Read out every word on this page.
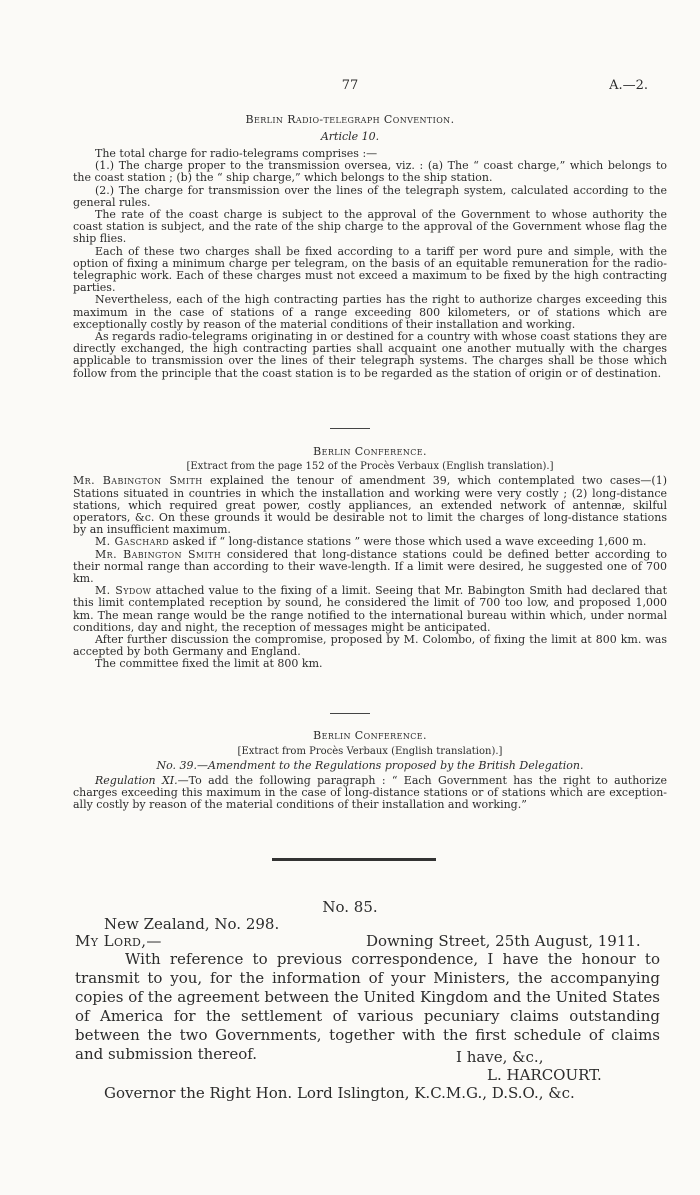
77	A.—2.
Berlin Radio-telegraph Convention.
Article 10.

The total charge for radio-telegrams comprises :—

(1.) The charge proper to the transmission oversea, viz. : (a) The “ coast charge,” which belongs to the coast station ; (b) the “ ship charge,” which belongs to the ship station.

(2.) The charge for transmission over the lines of the telegraph system, calculated according to the general rules.

The rate of the coast charge is subject to the approval of the Government to whose authority the coast station is subject, and the rate of the ship charge to the approval of the Government whose flag the ship flies.

Each of these two charges shall be fixed according to a tariff per word pure and simple, with the option of fixing a minimum charge per telegram, on the basis of an equitable remuneration for the radio-telegraphic work. Each of these charges must not exceed a maximum to be fixed by the high contracting parties.

Nevertheless, each of the high contracting parties has the right to authorize charges exceeding this maximum in the case of stations of a range exceeding 800 kilometers, or of stations which are exceptionally costly by reason of the material conditions of their installation and working.

As regards radio-telegrams originating in or destined for a country with whose coast stations they are directly exchanged, the high contracting parties shall acquaint one another mutually with the charges applicable to transmission over the lines of their telegraph systems. The charges shall be those which follow from the principle that the coast station is to be regarded as the station of origin or of destination.

Berlin Conference.
[Extract from the page 152 of the Procès Verbaux (English translation).]

Mr. Babington Smith explained the tenour of amendment 39, which contemplated two cases—(1) Stations situated in countries in which the installation and working were very costly ; (2) long-distance stations, which required great power, costly appliances, an extended network of antennæ, skilful operators, &c. On these grounds it would be desirable not to limit the charges of long-distance stations by an insufficient maximum.

M. Gaschard asked if “ long-distance stations ” were those which used a wave exceeding 1,600 m.

Mr. Babington Smith considered that long-distance stations could be defined better according to their normal range than according to their wave-length. If a limit were desired, he suggested one of 700 km.

M. Sydow attached value to the fixing of a limit. Seeing that Mr. Babington Smith had declared that this limit contemplated reception by sound, he considered the limit of 700 too low, and proposed 1,000 km. The mean range would be the range notified to the international bureau within which, under normal conditions, day and night, the reception of messages might be anticipated.

After further discussion the compromise, proposed by M. Colombo, of fixing the limit at 800 km. was accepted by both Germany and England.

The committee fixed the limit at 800 km.

Berlin Conference.
[Extract from Procès Verbaux (English translation).]
No. 39.—Amendment to the Regulations proposed by the British Delegation.

Regulation XI.—To add the following paragraph : “ Each Government has the right to authorize charges exceeding this maximum in the case of long-distance stations or of stations which are exception-ally costly by reason of the material conditions of their installation and working.”

No. 85.
New Zealand, No. 298.
My Lord,—	Downing Street, 25th August, 1911.

With reference to previous correspondence, I have the honour to transmit to you, for the information of your Ministers, the accompanying copies of the agreement between the United Kingdom and the United States of America for the settlement of various pecuniary claims outstanding between the two Governments, together with the first schedule of claims and submission thereof.	I have, &c.,
L. HARCOURT.
Governor the Right Hon. Lord Islington, K.C.M.G., D.S.O., &c.
